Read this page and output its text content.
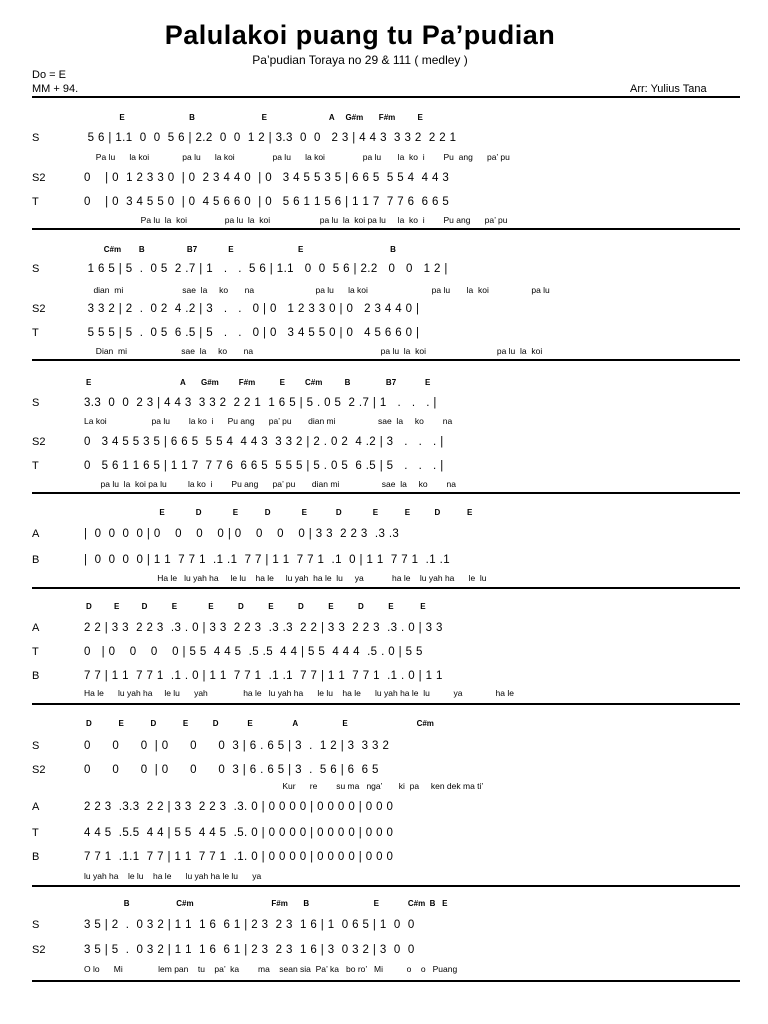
Palulakoi puang tu Pa’pudian
Pa’pudian Toraya no 29 & 111 ( medley )
Do = E
MM + 94.	Arr: Yulius Tana
E                             B                              E                            A     G#m       F#m          E
S	5 6 | 1.1  0  0  5 6 | 2.2  0  0  1 2 | 3.3  0  0   2 3 | 4 4 3  3 3 2  2 2 1
Pa lu      la koi              pa lu      la koi                pa lu      la koi                pa lu       la  ko  i        Pu  ang      pa’ pu
S2	0    | 0  1 2 3 3 0  | 0  2 3 4 4 0  | 0   3 4 5 5 3 5 | 6 6 5  5 5 4  4 4 3
T	0    | 0  3 4 5 5 0  | 0  4 5 6 6 0  | 0   5 6 1 1 5 6 | 1 1 7  7 7 6  6 6 5
Pa lu  la  koi                pa lu  la  koi                     pa lu  la  koi pa lu     la  ko  i        Pu ang      pa’ pu
C#m        B                   B7              E                             E                                       B
S	1 6 5 | 5  .  0 5  2 .7 | 1   .   .  5 6 | 1.1   0  0  5 6 | 2.2   0   0   1 2 |
dian  mi                         sae  la     ko       na                          pa lu      la koi                           pa lu       la  koi                  pa lu
S2	3 3 2 | 2  .  0 2  4 .2 | 3   .   .   0 | 0   1 2 3 3 0 | 0   2 3 4 4 0 |
T	5 5 5 | 5  .  0 5  6 .5 | 5   .   .   0 | 0   3 4 5 5 0 | 0   4 5 6 6 0 |
Dian  mi                       sae  la     ko       na                                                      pa lu  la  koi                              pa lu  la  koi
E                                        A       G#m         F#m           E         C#m          B                B7             E
S	3.3  0  0  2 3 | 4 4 3  3 3 2  2 2 1  1 6 5 | 5 . 0 5  2 .7 | 1   .   .   . |
La koi                   pa lu        la ko  i      Pu ang      pa’ pu       dian mi                  sae  la     ko        na
S2	0   3 4 5 5 3 5 | 6 6 5  5 5 4  4 4 3  3 3 2 | 2 . 0 2  4 .2 | 3   .   .   . |
T	0   5 6 1 1 6 5 | 1 1 7  7 7 6  6 6 5  5 5 5 | 5 . 0 5  6 .5 | 5   .   .   . |
pa lu  la  koi pa lu         la ko  i        Pu ang      pa’ pu       dian mi                  sae  la     ko        na
E              D              E            D              E             D              E            E           D            E
A	|  0  0  0  0 | 0    0    0    0 | 0    0    0    0 | 3 3  2 2 3  .3 .3
B	|  0  0  0  0 | 1 1  7 7 1  .1 .1  7 7 | 1 1  7 7 1  .1  0 | 1 1  7 7 1  .1 .1
Ha le   lu yah ha     le lu    ha le     lu yah  ha le  lu     ya            ha le    lu yah ha      le  lu
D          E          D           E              E           D           E           D           E           D           E            E
A	2 2 | 3 3  2 2 3  .3 . 0 | 3 3  2 2 3  .3 .3  2 2 | 3 3  2 2 3  .3 . 0 | 3 3
T	0   | 0    0    0    0 | 5 5  4 4 5  .5 .5  4 4 | 5 5  4 4 4  .5 . 0 | 5 5
B	7 7 | 1 1  7 7 1  .1 . 0 | 1 1  7 7 1  .1 .1  7 7 | 1 1  7 7 1  .1 . 0 | 1 1
Ha le      lu yah ha     le lu      yah               ha le   lu yah ha      le lu    ha le      lu yah ha le  lu          ya              ha le
D            E            D            E           D             E                  A                    E                               C#m
S	0      0      0  | 0      0      0  3 | 6 . 6 5 | 3  .  1 2 | 3  3 3 2
S2	0      0      0  | 0      0      0  3 | 6 . 6 5 | 3  .  5 6 | 6  6 5
Kur      re        su ma   nga’       ki  pa     ken dek ma ti’
A	2 2 3  .3.3  2 2 | 3 3  2 2 3  .3. 0 | 0 0 0 0 | 0 0 0 0 | 0 0 0
T	4 4 5  .5.5  4 4 | 5 5  4 4 5  .5. 0 | 0 0 0 0 | 0 0 0 0 | 0 0 0
B	7 7 1  .1.1  7 7 | 1 1  7 7 1  .1. 0 | 0 0 0 0 | 0 0 0 0 | 0 0 0
lu yah ha    le lu    ha le      lu yah ha le lu      ya
B                     C#m                                   F#m       B                             E             C#m  B   E
S	3 5 | 2  .  0 3 2 | 1 1  1 6  6 1 | 2 3  2 3  1 6 | 1  0 6 5 | 1  0  0
S2	3 5 | 5  .  0 3 2 | 1 1  1 6  6 1 | 2 3  2 3  1 6 | 3  0 3 2 | 3  0  0
O lo      Mi               lem pan    tu    pa’  ka        ma    sean sia  Pa’ ka   bo ro’   Mi          o    o   Puang
